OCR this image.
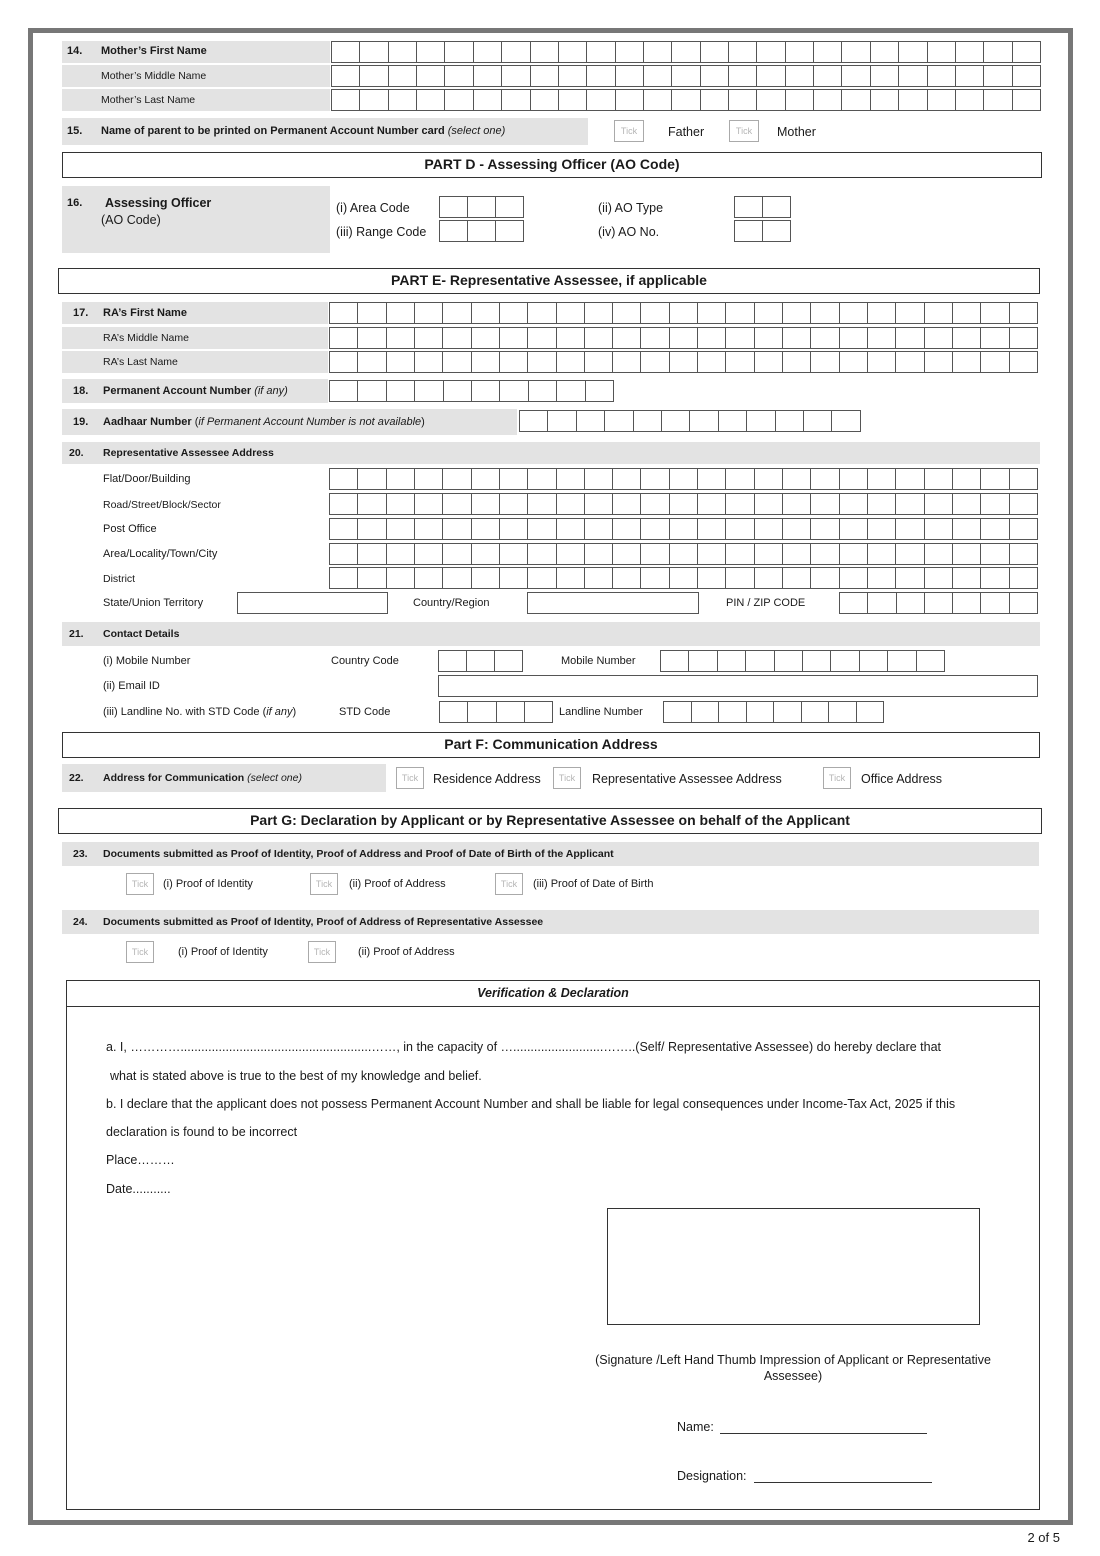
14. Mother’s First Name
Mother’s Middle Name
Mother’s Last Name
15. Name of parent to be printed on Permanent Account Number card (select one)	Tick	Father	Tick	Mother
PART D - Assessing Officer (AO Code)
16. Assessing Officer
(AO Code)
(i) Area Code	(ii) AO Type
(iii) Range Code	(iv) AO No.
PART E- Representative Assessee, if applicable
17. RA’s First Name
RA’s Middle Name
RA’s Last Name
18. Permanent Account Number (if any)
19. Aadhaar Number (if Permanent Account Number is not available)
20. Representative Assessee Address
Flat/Door/Building
Road/Street/Block/Sector
Post Office
Area/Locality/Town/City
District
State/Union Territory	Country/Region	PIN / ZIP CODE
21. Contact Details
(i) Mobile Number	Country Code	Mobile Number
(ii) Email ID
(iii) Landline No. with STD Code (if any)	STD Code	Landline Number
Part F: Communication Address
22. Address for Communication (select one)	Tick	Residence Address	Tick	Representative Assessee Address	Tick	Office Address
Part G: Declaration by Applicant or by Representative Assessee on behalf of the Applicant
23. Documents submitted as Proof of Identity, Proof of Address and Proof of Date of Birth of the Applicant
Tick	(i) Proof of Identity	Tick	(ii) Proof of Address	Tick	(iii) Proof of Date of Birth
24. Documents submitted as Proof of Identity, Proof of Address of Representative Assessee
Tick	(i) Proof of Identity	Tick	(ii) Proof of Address
Verification & Declaration
a. I, ………….......................................................……, in the capacity of …..........................……..(Self/ Representative Assessee) do hereby declare that
what is stated above is true to the best of my knowledge and belief.
b. I declare that the applicant does not possess Permanent Account Number and shall be liable for legal consequences under Income-Tax Act, 2025 if this
declaration is found to be incorrect
Place………
Date...........
(Signature /Left Hand Thumb Impression of Applicant or Representative
Assessee)
Name:
Designation:
2 of 5
